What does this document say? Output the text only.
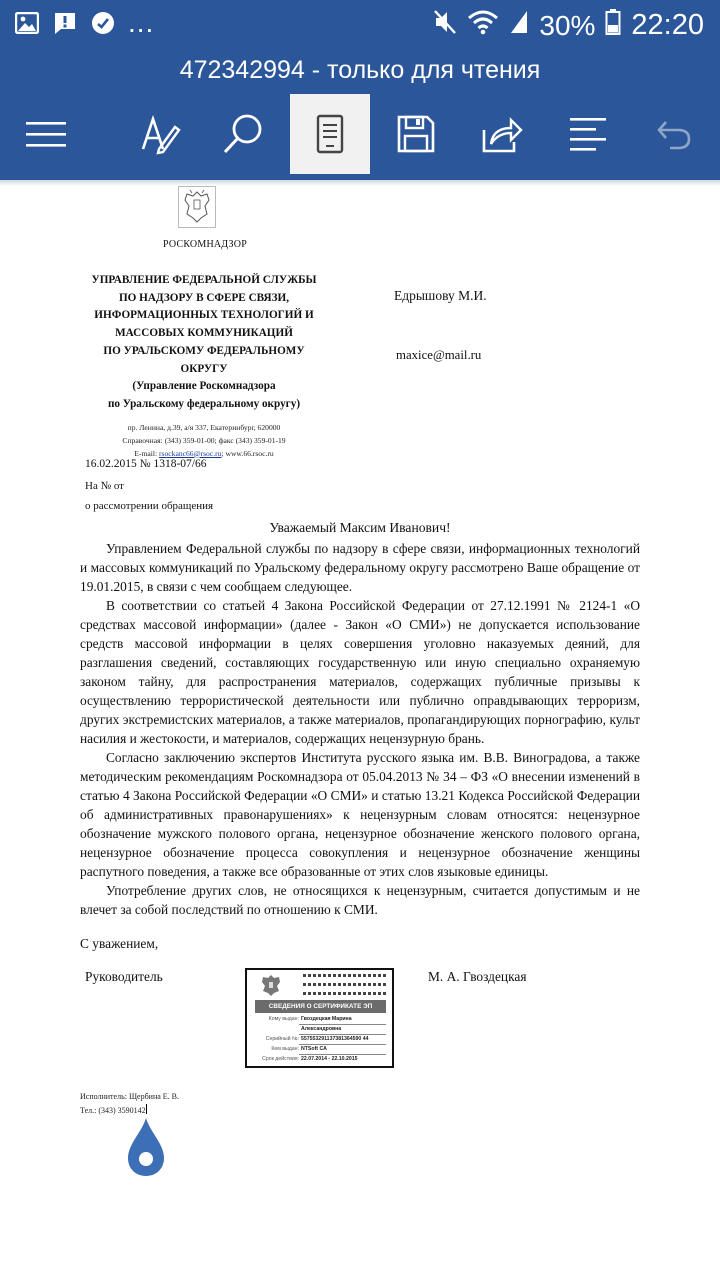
...	30% 22:20
472342994 - только для чтения
РОСКОМНАДЗОР
УПРАВЛЕНИЕ ФЕДЕРАЛЬНОЙ СЛУЖБЫ
ПО НАДЗОРУ В СФЕРЕ СВЯЗИ,
ИНФОРМАЦИОННЫХ ТЕХНОЛОГИЙ И
МАССОВЫХ КОММУНИКАЦИЙ
ПО УРАЛЬСКОМУ ФЕДЕРАЛЬНОМУ
ОКРУГУ
(Управление Роскомнадзора
по Уральскому федеральному округу)
пр. Ленина, д.39, а/я 337, Екатеринбург, 620000
Справочная: (343) 359-01-00; факс (343) 359-01-19
E-mail: rsockanc66@rsoc.ru; www.66.rsoc.ru
Едрышову М.И.
maxice@mail.ru
16.02.2015 № 1318-07/66
На № от
о рассмотрении обращения
Уважаемый Максим Иванович!

Управлением Федеральной службы по надзору в сфере связи, информационных технологий и массовых коммуникаций по Уральскому федеральному округу рассмотрено Ваше обращение от 19.01.2015, в связи с чем сообщаем следующее.

В соответствии со статьей 4 Закона Российской Федерации от 27.12.1991 № 2124-1 «О средствах массовой информации» (далее - Закон «О СМИ») не допускается использование средств массовой информации в целях совершения уголовно наказуемых деяний, для разглашения сведений, составляющих государственную или иную специально охраняемую законом тайну, для распространения материалов, содержащих публичные призывы к осуществлению террористической деятельности или публично оправдывающих терроризм, других экстремистских материалов, а также материалов, пропагандирующих порнографию, культ насилия и жестокости, и материалов, содержащих нецензурную брань.

Согласно заключению экспертов Института русского языка им. В.В. Виноградова, а также методическим рекомендациям Роскомнадзора от 05.04.2013 № 34 – ФЗ «О внесении изменений в статью 4 Закона Российской Федерации «О СМИ» и статью 13.21 Кодекса Российской Федерации об административных правонарушениях» к нецензурным словам относятся: нецензурное обозначение мужского полового органа, нецензурное обозначение женского полового органа, нецензурное обозначение процесса совокупления и нецензурное обозначение женщины распутного поведения, а также все образованные от этих слов языковые единицы.

Употребление других слов, не относящихся к нецензурным, считается допустимым и не влечет за собой последствий по отношению к СМИ.

С уважением,
Руководитель	М. А. Гвоздецкая
СВЕДЕНИЯ О СЕРТИФИКАТЕ ЭП
Кому выдан: Гвоздецкая Марина
Александровна
Серийный №: 557553291137381364590 44
Кем выдан: NTSoft CA
Срок действия: 22.07.2014 - 22.10.2015
Исполнитель: Щербина Е. В.
Тел.: (343) 3590142
